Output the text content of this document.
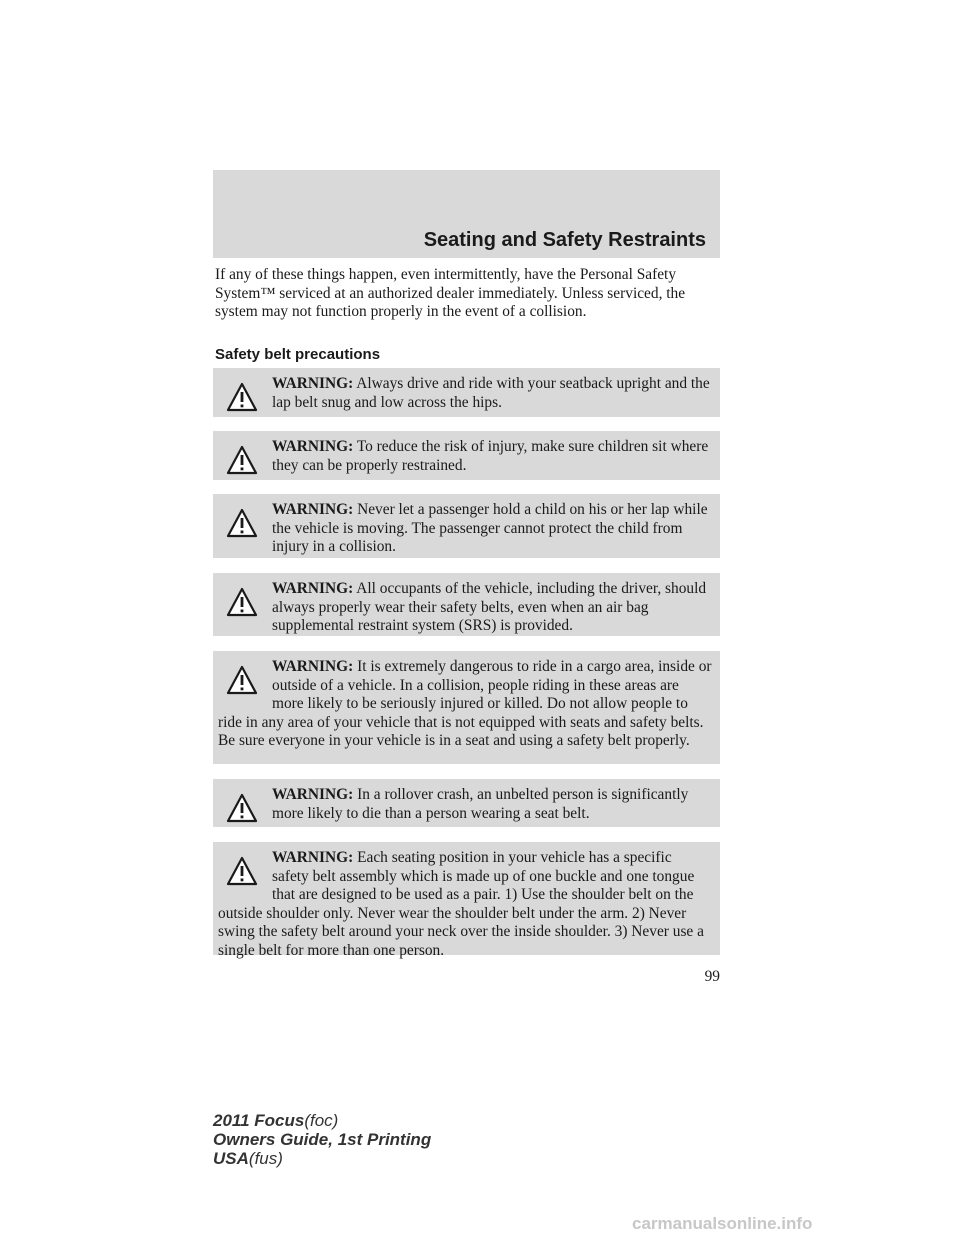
Seating and Safety Restraints

If any of these things happen, even intermittently, have the Personal Safety System™ serviced at an authorized dealer immediately. Unless serviced, the system may not function properly in the event of a collision.

Safety belt precautions
WARNING: Always drive and ride with your seatback upright and the lap belt snug and low across the hips.
WARNING: To reduce the risk of injury, make sure children sit where they can be properly restrained.
WARNING: Never let a passenger hold a child on his or her lap while the vehicle is moving. The passenger cannot protect the child from injury in a collision.
WARNING: All occupants of the vehicle, including the driver, should always properly wear their safety belts, even when an air bag supplemental restraint system (SRS) is provided.
WARNING: It is extremely dangerous to ride in a cargo area, inside or outside of a vehicle. In a collision, people riding in these areas are more likely to be seriously injured or killed. Do not allow people to ride in any area of your vehicle that is not equipped with seats and safety belts. Be sure everyone in your vehicle is in a seat and using a safety belt properly.
WARNING: In a rollover crash, an unbelted person is significantly more likely to die than a person wearing a seat belt.
WARNING: Each seating position in your vehicle has a specific safety belt assembly which is made up of one buckle and one tongue that are designed to be used as a pair. 1) Use the shoulder belt on the outside shoulder only. Never wear the shoulder belt under the arm. 2) Never swing the safety belt around your neck over the inside shoulder. 3) Never use a single belt for more than one person.
99
2011 Focus(foc)
Owners Guide, 1st Printing
USA(fus)
carmanualsonline.info
